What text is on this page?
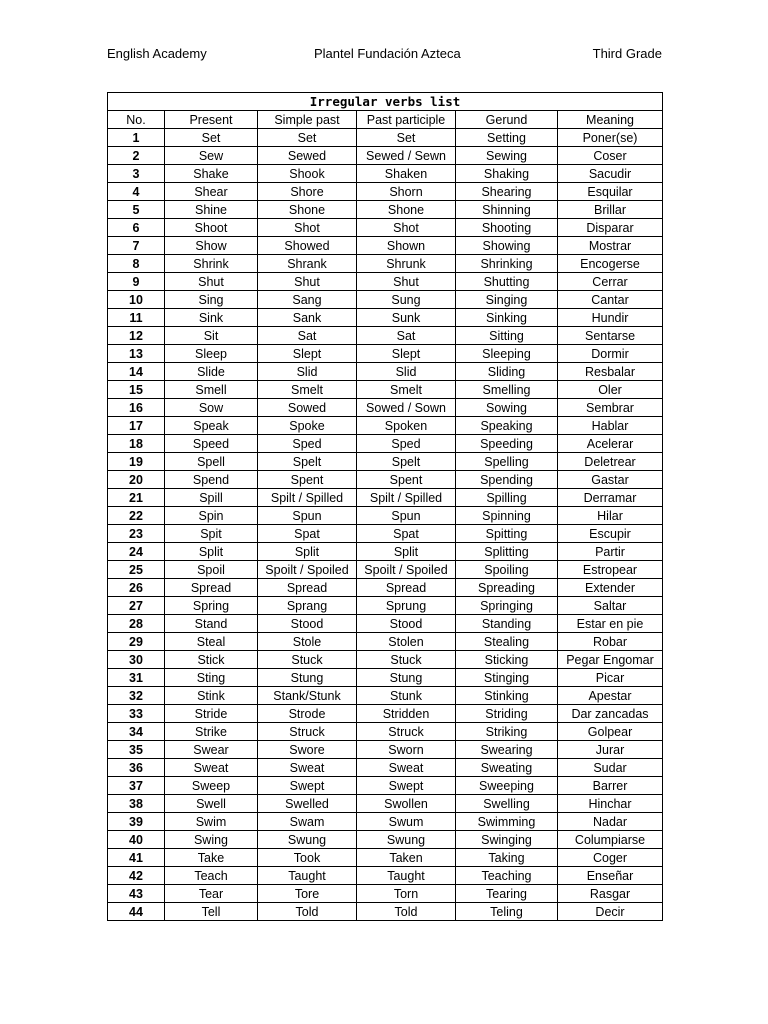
English Academy	Plantel Fundación Azteca	Third Grade
Irregular verbs list					
No.	Present	Simple past	Past participle	Gerund	Meaning
1	Set	Set	Set	Setting	Poner(se)
2	Sew	Sewed	Sewed / Sewn	Sewing	Coser
3	Shake	Shook	Shaken	Shaking	Sacudir
4	Shear	Shore	Shorn	Shearing	Esquilar
5	Shine	Shone	Shone	Shinning	Brillar
6	Shoot	Shot	Shot	Shooting	Disparar
7	Show	Showed	Shown	Showing	Mostrar
8	Shrink	Shrank	Shrunk	Shrinking	Encogerse
9	Shut	Shut	Shut	Shutting	Cerrar
10	Sing	Sang	Sung	Singing	Cantar
11	Sink	Sank	Sunk	Sinking	Hundir
12	Sit	Sat	Sat	Sitting	Sentarse
13	Sleep	Slept	Slept	Sleeping	Dormir
14	Slide	Slid	Slid	Sliding	Resbalar
15	Smell	Smelt	Smelt	Smelling	Oler
16	Sow	Sowed	Sowed / Sown	Sowing	Sembrar
17	Speak	Spoke	Spoken	Speaking	Hablar
18	Speed	Sped	Sped	Speeding	Acelerar
19	Spell	Spelt	Spelt	Spelling	Deletrear
20	Spend	Spent	Spent	Spending	Gastar
21	Spill	Spilt / Spilled	Spilt / Spilled	Spilling	Derramar
22	Spin	Spun	Spun	Spinning	Hilar
23	Spit	Spat	Spat	Spitting	Escupir
24	Split	Split	Split	Splitting	Partir
25	Spoil	Spoilt / Spoiled	Spoilt / Spoiled	Spoiling	Estropear
26	Spread	Spread	Spread	Spreading	Extender
27	Spring	Sprang	Sprung	Springing	Saltar
28	Stand	Stood	Stood	Standing	Estar en pie
29	Steal	Stole	Stolen	Stealing	Robar
30	Stick	Stuck	Stuck	Sticking	Pegar Engomar
31	Sting	Stung	Stung	Stinging	Picar
32	Stink	Stank/Stunk	Stunk	Stinking	Apestar
33	Stride	Strode	Stridden	Striding	Dar zancadas
34	Strike	Struck	Struck	Striking	Golpear
35	Swear	Swore	Sworn	Swearing	Jurar
36	Sweat	Sweat	Sweat	Sweating	Sudar
37	Sweep	Swept	Swept	Sweeping	Barrer
38	Swell	Swelled	Swollen	Swelling	Hinchar
39	Swim	Swam	Swum	Swimming	Nadar
40	Swing	Swung	Swung	Swinging	Columpiarse
41	Take	Took	Taken	Taking	Coger
42	Teach	Taught	Taught	Teaching	Enseñar
43	Tear	Tore	Torn	Tearing	Rasgar
44	Tell	Told	Told	Teling	Decir
